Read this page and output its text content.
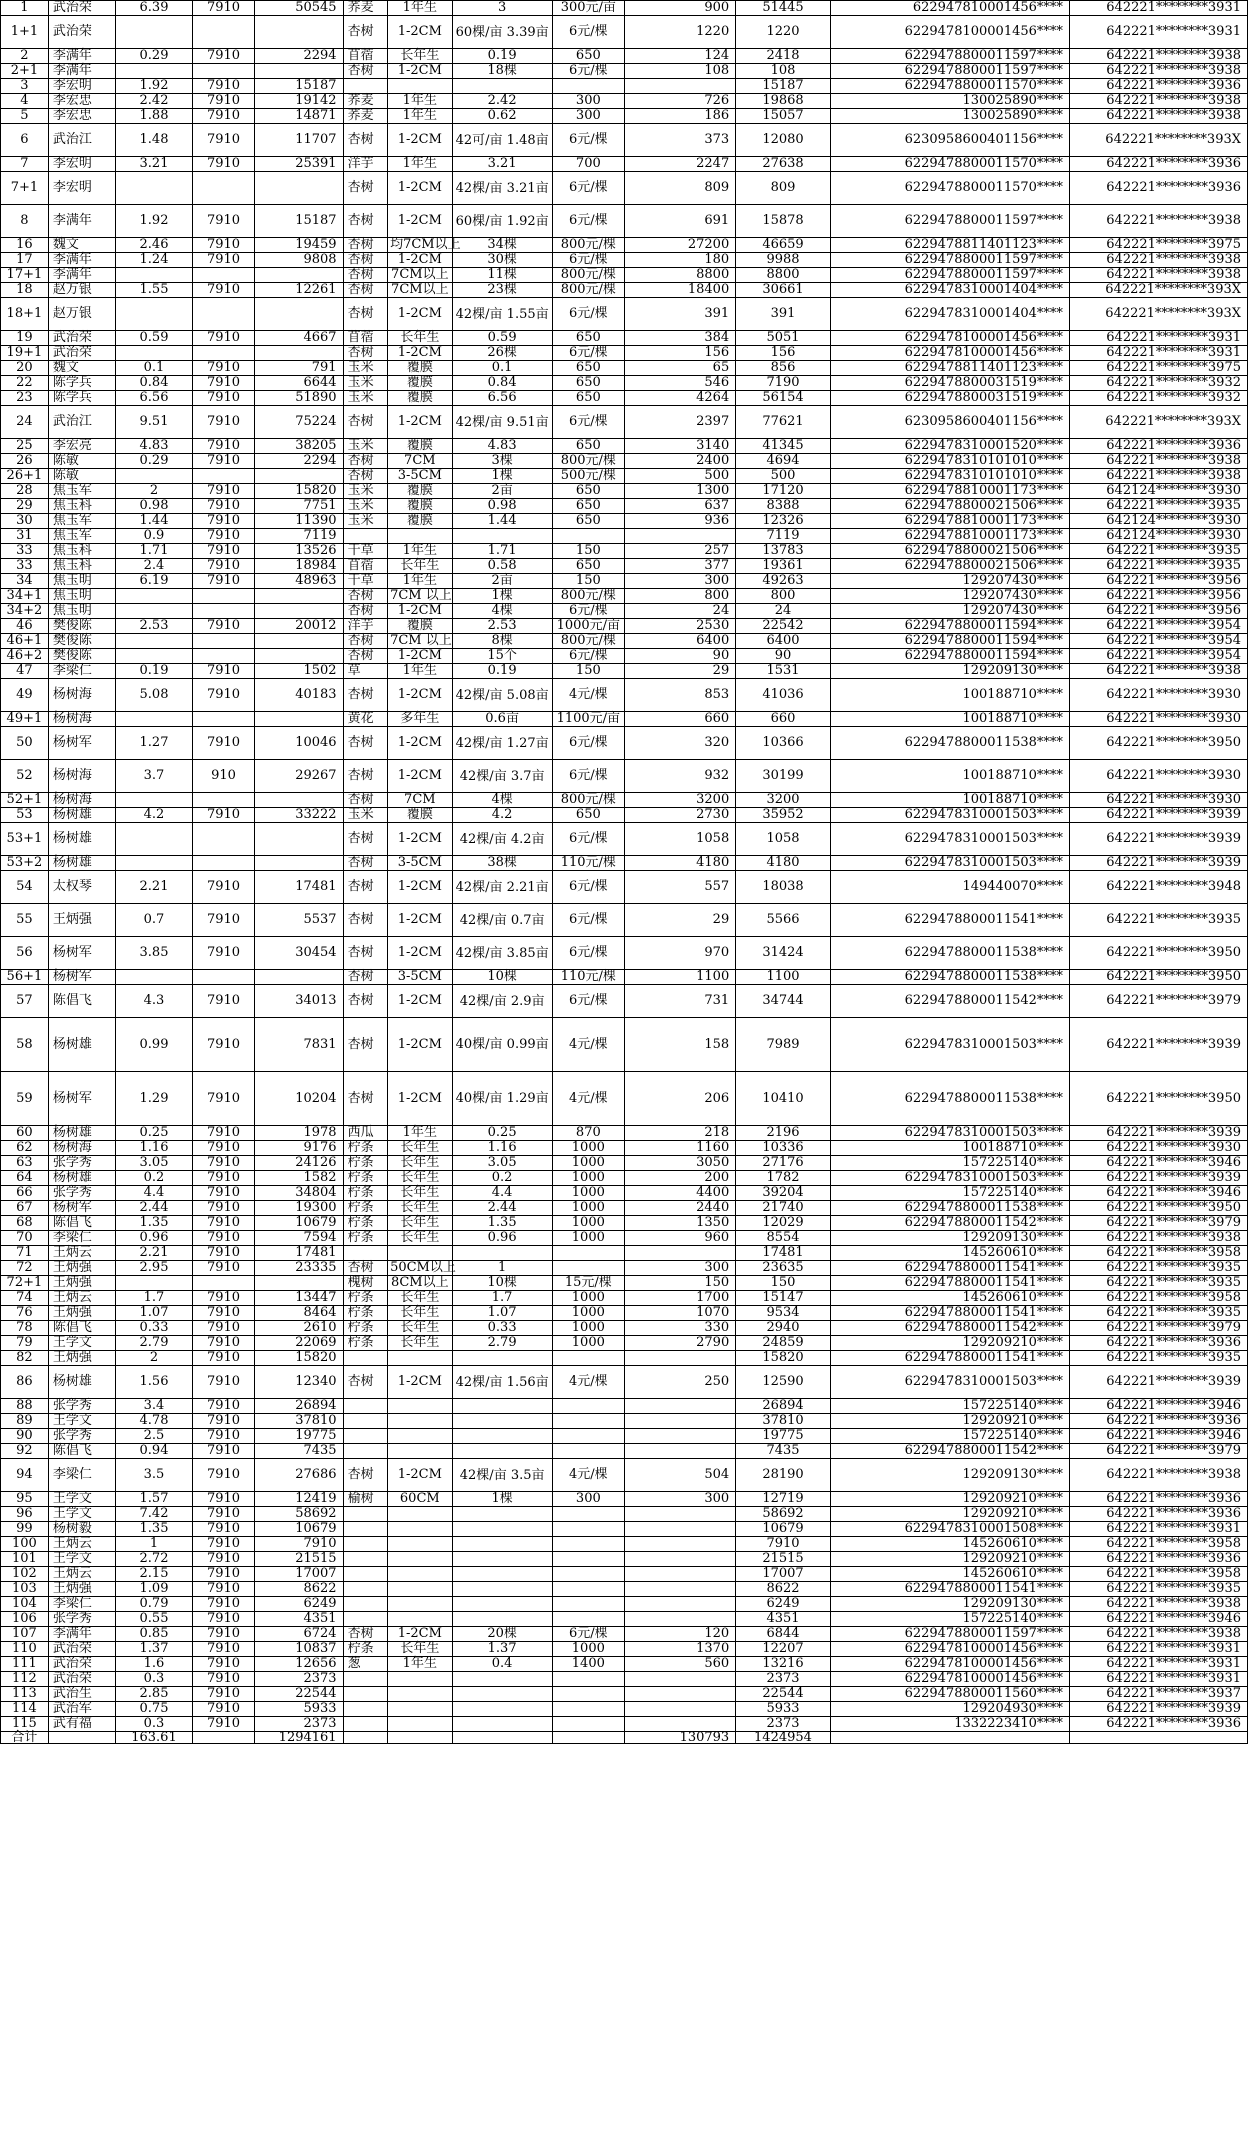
1	武治荣	6.39	7910	50545	荞麦	1年生	3	300元/亩	900	51445	62294781000​1456****	642221********3931
1+1	武治荣				杏树	1-2CM	60棵/亩 3.39亩	6元/棵	1220	1220	6229478100001456****	642221********3931
2	李满年	0.29	7910	2294	苜蓿	长年生	0.19	650	124	2418	6229478800011597****	642221********3938
2+1	李满年				杏树	1-2CM	18棵	6元/棵	108	108	6229478800011597****	642221********3938
3	李宏明	1.92	7910	15187						15187	6229478800011570****	642221********3936
4	李宏忠	2.42	7910	19142	荞麦	1年生	2.42	300	726	19868	130025890****	642221********3938
5	李宏忠	1.88	7910	14871	荞麦	1年生	0.62	300	186	15057	130025890****	642221********3938
6	武治江	1.48	7910	11707	杏树	1-2CM	42可/亩 1.48亩	6元/棵	373	12080	6230958600401156****	642221********393X
7	李宏明	3.21	7910	25391	洋芋	1年生	3.21	700	2247	27638	6229478800011570****	642221********3936
7+1	李宏明				杏树	1-2CM	42棵/亩 3.21亩	6元/棵	809	809	6229478800011570****	642221********3936
8	李满年	1.92	7910	15187	杏树	1-2CM	60棵/亩 1.92亩	6元/棵	691	15878	6229478800011597****	642221********3938
16	魏文	2.46	7910	19459	杏树	均7CM以上	34棵	800元/棵	27200	46659	6229478811401123****	642221********3975
17	李满年	1.24	7910	9808	杏树	1-2CM	30棵	6元/棵	180	9988	6229478800011597****	642221********3938
17+1	李满年				杏树	7CM以上	11棵	800元/棵	8800	8800	6229478800011597****	642221********3938
18	赵万银	1.55	7910	12261	杏树	7CM以上	23棵	800元/棵	18400	30661	6229478310001404****	642221********393X
18+1	赵万银				杏树	1-2CM	42棵/亩 1.55亩	6元/棵	391	391	6229478310001404****	642221********393X
19	武治荣	0.59	7910	4667	苜蓿	长年生	0.59	650	384	5051	6229478100001456****	642221********3931
19+1	武治荣				杏树	1-2CM	26棵	6元/棵	156	156	6229478100001456****	642221********3931
20	魏文	0.1	7910	791	玉米	覆膜	0.1	650	65	856	6229478811401123****	642221********3975
22	陈学兵	0.84	7910	6644	玉米	覆膜	0.84	650	546	7190	6229478800031519****	642221********3932
23	陈学兵	6.56	7910	51890	玉米	覆膜	6.56	650	4264	56154	6229478800031519****	642221********3932
24	武治江	9.51	7910	75224	杏树	1-2CM	42棵/亩 9.51亩	6元/棵	2397	77621	6230958600401156****	642221********393X
25	李宏亮	4.83	7910	38205	玉米	覆膜	4.83	650	3140	41345	6229478310001520****	642221********3936
26	陈敏	0.29	7910	2294	杏树	7CM	3棵	800元/棵	2400	4694	6229478310101010****	642221********3938
26+1	陈敏				杏树	3-5CM	1棵	500元/棵	500	500	6229478310101010****	642221********3938
28	焦玉军	2	7910	15820	玉米	覆膜	2亩	650	1300	17120	6229478810001173****	642124********3930
29	焦玉科	0.98	7910	7751	玉米	覆膜	0.98	650	637	8388	6229478800021506****	642221********3935
30	焦玉军	1.44	7910	11390	玉米	覆膜	1.44	650	936	12326	6229478810001173****	642124********3930
31	焦玉军	0.9	7910	7119						7119	6229478810001173****	642124********3930
33	焦玉科	1.71	7910	13526	干草	1年生	1.71	150	257	13783	6229478800021506****	642221********3935
33	焦玉科	2.4	7910	18984	苜蓿	长年生	0.58	650	377	19361	6229478800021506****	642221********3935
34	焦玉明	6.19	7910	48963	干草	1年生	2亩	150	300	49263	129207430****	642221********3956
34+1	焦玉明				杏树	7CM 以上	1棵	800元/棵	800	800	129207430****	642221********3956
34+2	焦玉明				杏树	1-2CM	4棵	6元/棵	24	24	129207430****	642221********3956
46	樊俊陈	2.53	7910	20012	洋芋	覆膜	2.53	1000元/亩	2530	22542	6229478800011594****	642221********3954
46+1	樊俊陈				杏树	7CM 以上	8棵	800元/棵	6400	6400	6229478800011594****	642221********3954
46+2	樊俊陈				杏树	1-2CM	15个	6元/棵	90	90	6229478800011594****	642221********3954
47	李梁仁	0.19	7910	1502	草	1年生	0.19	150	29	1531	129209130****	642221********3938
49	杨树海	5.08	7910	40183	杏树	1-2CM	42棵/亩 5.08亩	4元/棵	853	41036	100188710****	642221********3930
49+1	杨树海				黄花	多年生	0.6亩	1100元/亩	660	660	100188710****	642221********3930
50	杨树军	1.27	7910	10046	杏树	1-2CM	42棵/亩 1.27亩	6元/棵	320	10366	6229478800011538****	642221********3950
52	杨树海	3.7	910	29267	杏树	1-2CM	42棵/亩 3.7亩	6元/棵	932	30199	100188710****	642221********3930
52+1	杨树海				杏树	7CM	4棵	800元/棵	3200	3200	100188710****	642221********3930
53	杨树雄	4.2	7910	33222	玉米	覆膜	4.2	650	2730	35952	6229478310001503****	642221********3939
53+1	杨树雄				杏树	1-2CM	42棵/亩 4.2亩	6元/棵	1058	1058	6229478310001503****	642221********3939
53+2	杨树雄				杏树	3-5CM	38棵	110元/棵	4180	4180	6229478310001503****	642221********3939
54	太权琴	2.21	7910	17481	杏树	1-2CM	42棵/亩 2.21亩	6元/棵	557	18038	149440070****	642221********3948
55	王炳强	0.7	7910	5537	杏树	1-2CM	42棵/亩 0.7亩	6元/棵	29	5566	6229478800011541****	642221********3935
56	杨树军	3.85	7910	30454	杏树	1-2CM	42棵/亩 3.85亩	6元/棵	970	31424	6229478800011538****	642221********3950
56+1	杨树军				杏树	3-5CM	10棵	110元/棵	1100	1100	6229478800011538****	642221********3950
57	陈倡飞	4.3	7910	34013	杏树	1-2CM	42棵/亩 2.9亩	6元/棵	731	34744	6229478800011542****	642221********3979
58	杨树雄	0.99	7910	7831	杏树	1-2CM	40棵/亩 0.99亩	4元/棵	158	7989	6229478310001503****	642221********3939
59	杨树军	1.29	7910	10204	杏树	1-2CM	40棵/亩 1.29亩	4元/棵	206	10410	6229478800011538****	642221********3950
60	杨树雄	0.25	7910	1978	西瓜	1年生	0.25	870	218	2196	6229478310001503****	642221********3939
62	杨树海	1.16	7910	9176	柠条	长年生	1.16	1000	1160	10336	100188710****	642221********3930
63	张学秀	3.05	7910	24126	柠条	长年生	3.05	1000	3050	27176	157225140****	642221********3946
64	杨树雄	0.2	7910	1582	柠条	长年生	0.2	1000	200	1782	6229478310001503****	642221********3939
66	张学秀	4.4	7910	34804	柠条	长年生	4.4	1000	4400	39204	157225140****	642221********3946
67	杨树军	2.44	7910	19300	柠条	长年生	2.44	1000	2440	21740	6229478800011538****	642221********3950
68	陈倡飞	1.35	7910	10679	柠条	长年生	1.35	1000	1350	12029	6229478800011542****	642221********3979
70	李梁仁	0.96	7910	7594	柠条	长年生	0.96	1000	960	8554	129209130****	642221********3938
71	王炳云	2.21	7910	17481						17481	145260610****	642221********3958
72	王炳强	2.95	7910	23335	杏树	50CM以上	1		300	23635	6229478800011541****	642221********3935
72+1	王炳强				槐树	8CM以上	10棵	15元/棵	150	150	6229478800011541****	642221********3935
74	王炳云	1.7	7910	13447	柠条	长年生	1.7	1000	1700	15147	145260610****	642221********3958
76	王炳强	1.07	7910	8464	柠条	长年生	1.07	1000	1070	9534	6229478800011541****	642221********3935
78	陈倡飞	0.33	7910	2610	柠条	长年生	0.33	1000	330	2940	6229478800011542****	642221********3979
79	王学文	2.79	7910	22069	柠条	长年生	2.79	1000	2790	24859	129209210****	642221********3936
82	王炳强	2	7910	15820						15820	6229478800011541****	642221********3935
86	杨树雄	1.56	7910	12340	杏树	1-2CM	42棵/亩 1.56亩	4元/棵	250	12590	6229478310001503****	642221********3939
88	张学秀	3.4	7910	26894						26894	157225140****	642221********3946
89	王学文	4.78	7910	37810						37810	129209210****	642221********3936
90	张学秀	2.5	7910	19775						19775	157225140****	642221********3946
92	陈倡飞	0.94	7910	7435						7435	6229478800011542****	642221********3979
94	李梁仁	3.5	7910	27686	杏树	1-2CM	42棵/亩 3.5亩	4元/棵	504	28190	129209130****	642221********3938
95	王学文	1.57	7910	12419	榆树	60CM	1棵	300	300	12719	129209210****	642221********3936
96	王学文	7.42	7910	58692						58692	129209210****	642221********3936
99	杨树毅	1.35	7910	10679						10679	6229478310001508****	642221********3931
100	王炳云	1	7910	7910						7910	145260610****	642221********3958
101	王学文	2.72	7910	21515						21515	129209210****	642221********3936
102	王炳云	2.15	7910	17007						17007	145260610****	642221********3958
103	王炳强	1.09	7910	8622						8622	6229478800011541****	642221********3935
104	李梁仁	0.79	7910	6249						6249	129209130****	642221********3938
106	张学秀	0.55	7910	4351						4351	157225140****	642221********3946
107	李满年	0.85	7910	6724	杏树	1-2CM	20棵	6元/棵	120	6844	6229478800011597****	642221********3938
110	武治荣	1.37	7910	10837	柠条	长年生	1.37	1000	1370	12207	6229478100001456****	642221********3931
111	武治荣	1.6	7910	12656	葱	1年生	0.4	1400	560	13216	6229478100001456****	642221********3931
112	武治荣	0.3	7910	2373						2373	6229478100001456****	642221********3931
113	武治生	2.85	7910	22544						22544	6229478800011560****	642221********3937
114	武治军	0.75	7910	5933						5933	129204930****	642221********3939
115	武有福	0.3	7910	2373						2373	1332223410****	642221********3936
合计		163.61		1294161					130793	1424954		
